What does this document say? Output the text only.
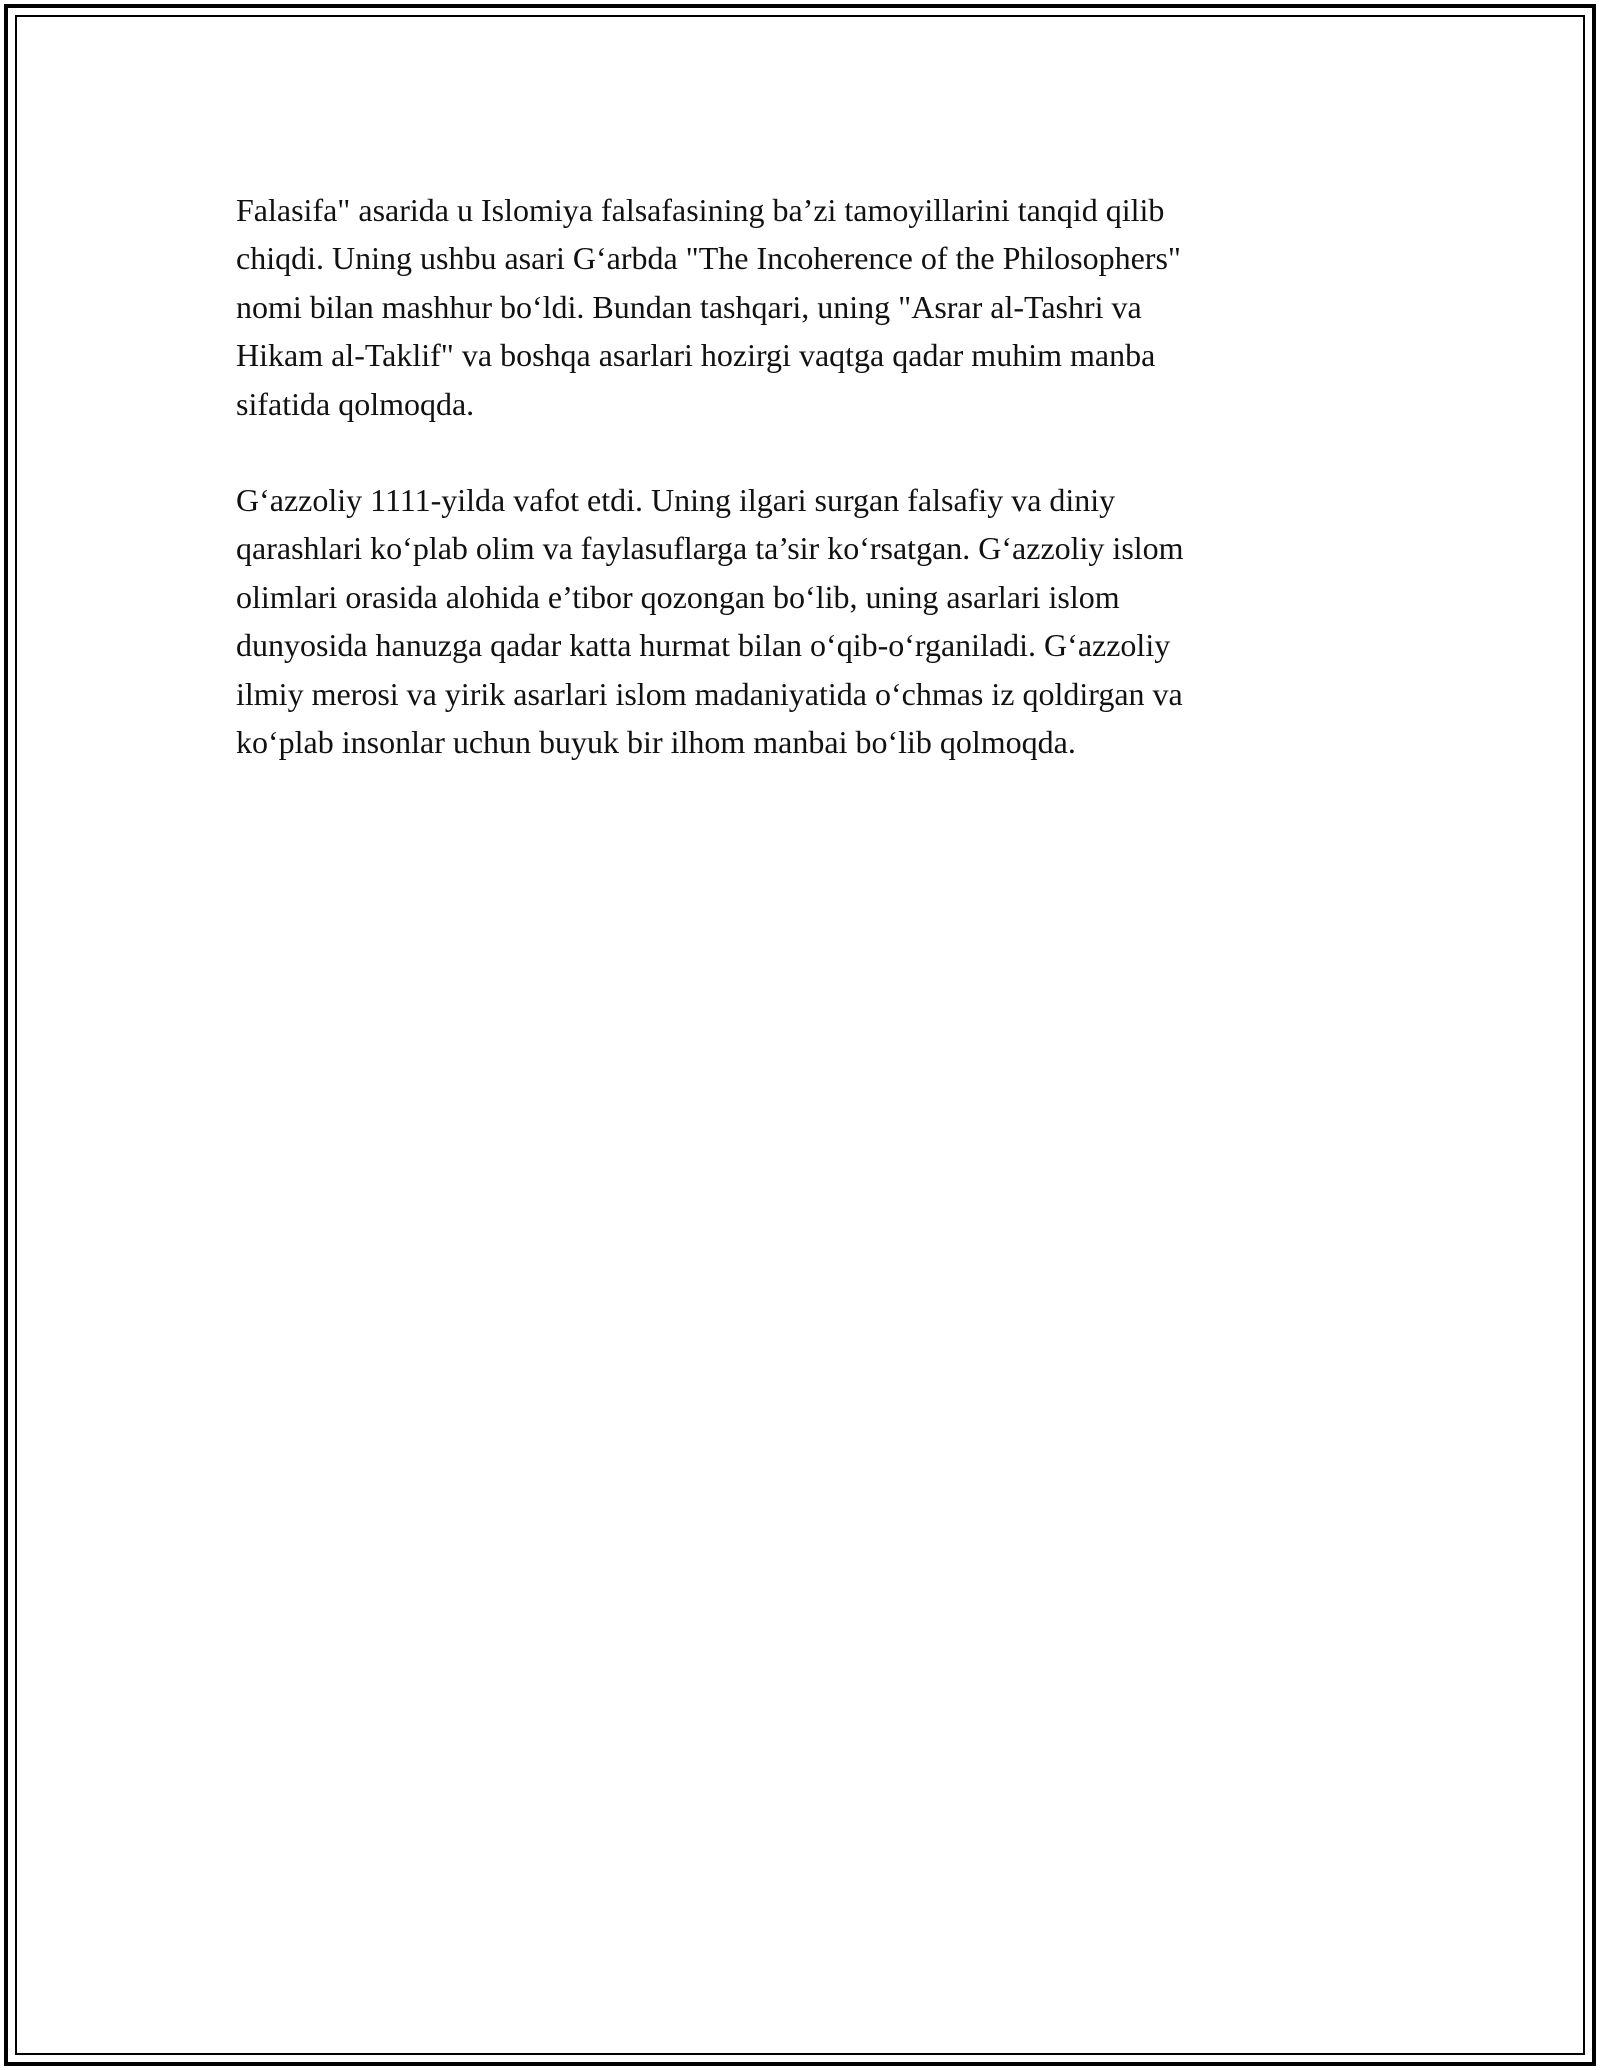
Falasifa" asarida u Islomiya falsafasining ba’zi tamoyillarini tanqid qilib
chiqdi. Uning ushbu asari G‘arbda "The Incoherence of the Philosophers"
nomi bilan mashhur bo‘ldi. Bundan tashqari, uning "Asrar al-Tashri va
Hikam al-Taklif" va boshqa asarlari hozirgi vaqtga qadar muhim manba
sifatida qolmoqda.

G‘azzoliy 1111-yilda vafot etdi. Uning ilgari surgan falsafiy va diniy
qarashlari ko‘plab olim va faylasuflarga ta’sir ko‘rsatgan. G‘azzoliy islom
olimlari orasida alohida e’tibor qozongan bo‘lib, uning asarlari islom
dunyosida hanuzga qadar katta hurmat bilan o‘qib-o‘rganiladi. G‘azzoliy
ilmiy merosi va yirik asarlari islom madaniyatida o‘chmas iz qoldirgan va
ko‘plab insonlar uchun buyuk bir ilhom manbai bo‘lib qolmoqda.
